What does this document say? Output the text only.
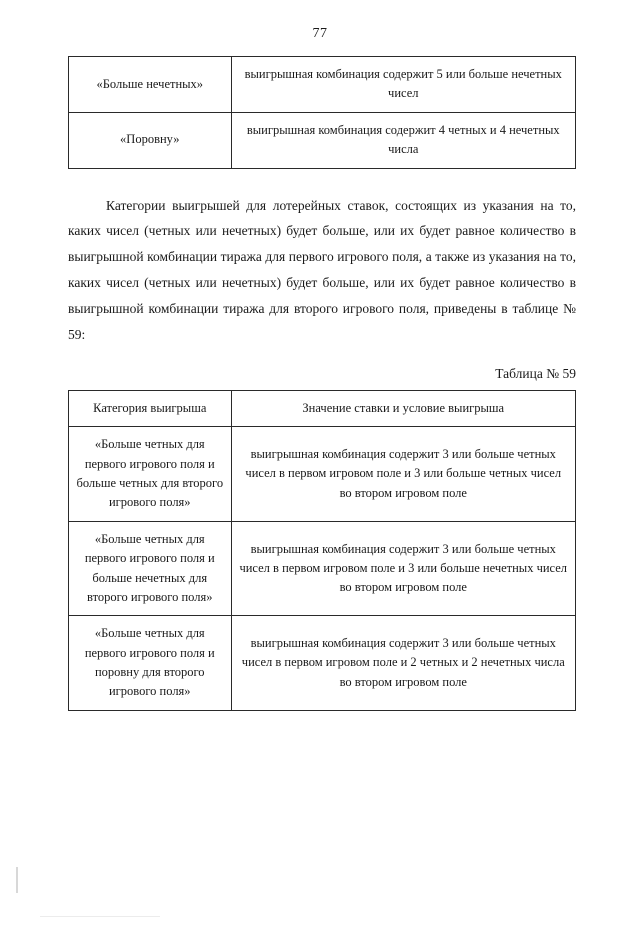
77
«Больше нечетных»	выигрышная комбинация содержит 5 или больше нечетных чисел
«Поровну»	выигрышная комбинация содержит 4 четных и 4 нечетных числа

Категории выигрышей для лотерейных ставок, состоящих из указания на то, каких чисел (четных или нечетных) будет больше, или их будет равное количество в выигрышной комбинации тиража для первого игрового поля, а также из указания на то, каких чисел (четных или нечетных) будет больше, или их будет равное количество в выигрышной комбинации тиража для второго игрового поля, приведены в таблице № 59:

Таблица № 59
Категория выигрыша	Значение ставки и условие выигрыша
«Больше четных для первого игрового поля и больше четных для второго игрового поля»	выигрышная комбинация содержит 3 или больше четных чисел в первом игровом поле и 3 или больше четных чисел во втором игровом поле
«Больше четных для первого игрового поля и больше нечетных для второго игрового поля»	выигрышная комбинация содержит 3 или больше четных чисел в первом игровом поле и 3 или больше нечетных чисел во втором игровом поле
«Больше четных для первого игрового поля и поровну для второго игрового поля»	выигрышная комбинация содержит 3 или больше четных чисел в первом игровом поле и 2 четных и 2 нечетных числа во втором игровом поле
